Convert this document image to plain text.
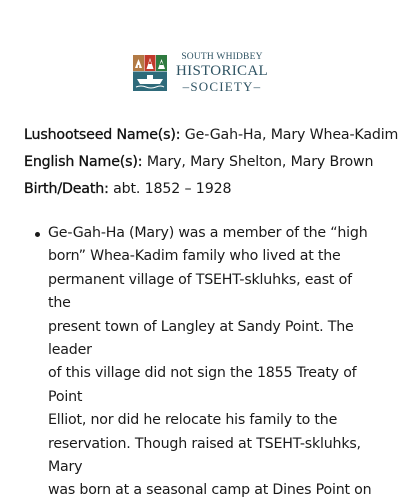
SOUTH WHIDBEY
HISTORICAL
–SOCIETY–
Lushootseed Name(s): Ge-Gah-Ha, Mary Whea-Kadim
English Name(s): Mary, Mary Shelton, Mary Brown
Birth/Death: abt. 1852 – 1928
Ge-Gah-Ha (Mary) was a member of the “high
born” Whea-Kadim family who lived at the
permanent village of TSEHT-skluhks, east of the
present town of Langley at Sandy Point. The leader
of this village did not sign the 1855 Treaty of Point
Elliot, nor did he relocate his family to the
reservation. Though raised at TSEHT-skluhks, Mary
was born at a seasonal camp at Dines Point on
